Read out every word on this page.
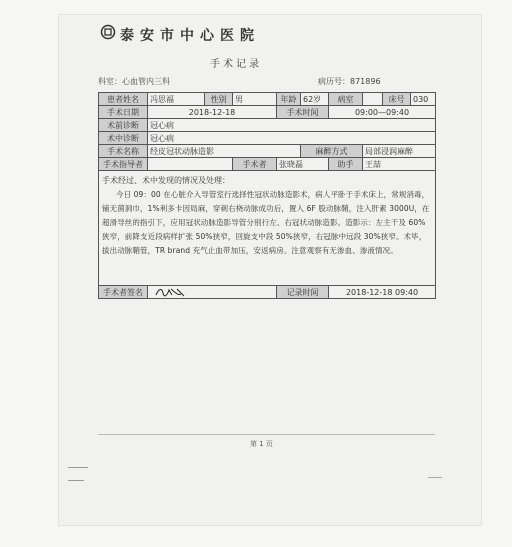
泰安市中心医院
手术记录
科室：心血管内三科	病历号：871896
患者姓名	冯思福	性别	男	年龄	62岁	病室		床号	030
手术日期	2018-12-18			手术时间		09:00—09:40			
术前诊断	冠心病								
术中诊断	冠心病								
手术名称	经皮冠状动脉造影				麻醉方式		局部浸润麻醉		
手术指导者			手术者	张晓磊		助手	王喆		

手术经过、术中发现的情况及处理：
今日 09：00 在心脏介入导管室行选择性冠状动脉造影术，病人平卧于手术床上，常规消毒，铺无菌洞巾，1%利多卡因局麻，穿刺右桡动脉成功后，置入 6F 股动脉鞘，注入肝素 3000U，在超滑导丝的指引下，应用冠状动脉造影导管分别行左、右冠状动脉造影。造影示：左主干及 60%狭窄，前降支近段病样扩张 50%狭窄，回旋支中段 50%狭窄，右冠脉中远段 30%狭窄。术毕，拔出动脉鞘管，TR brand 充气止血带加压，安返病房。注意观察有无渗血、渗液情况。									

手术者签名				记录时间		2018-12-18 09:40			
第 1 页
